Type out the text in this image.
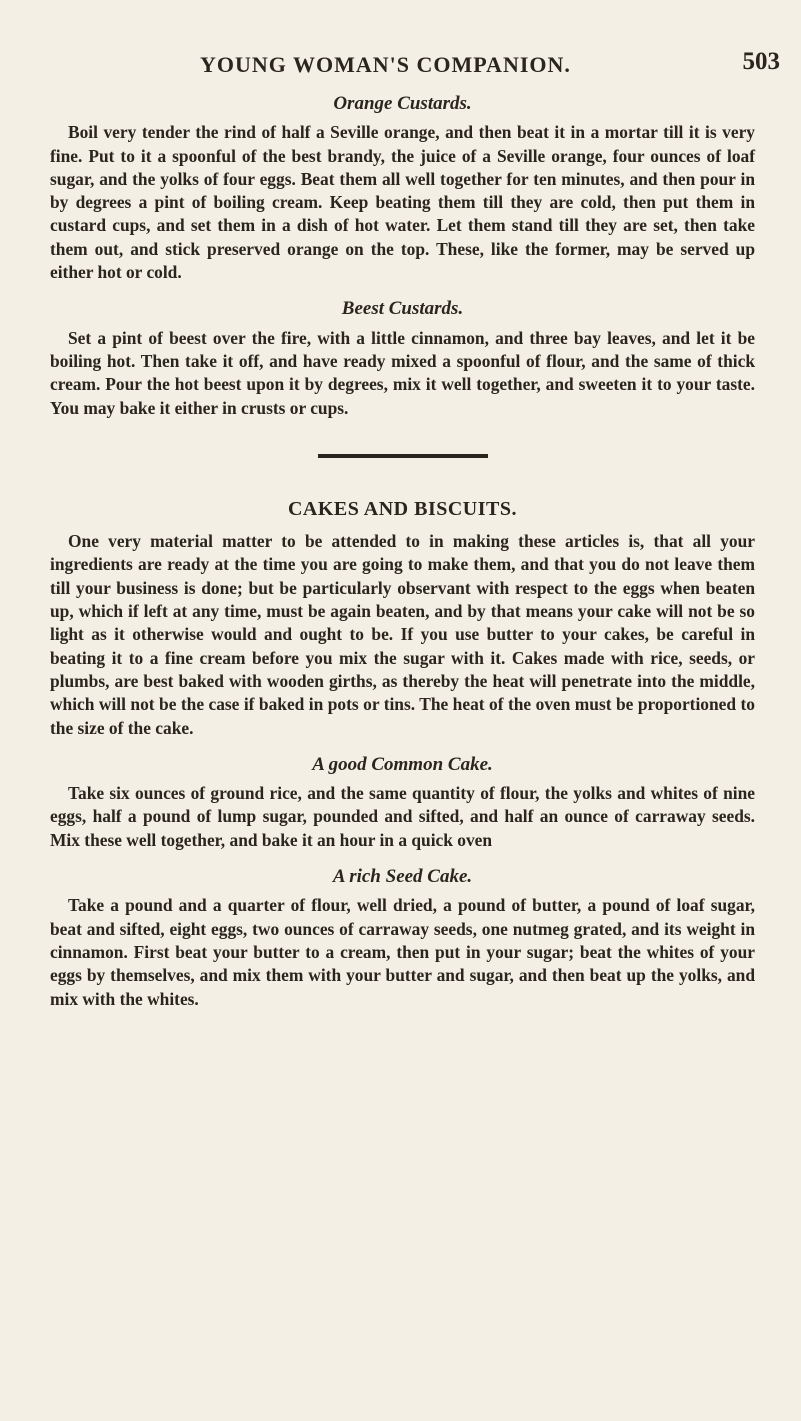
YOUNG WOMAN'S COMPANION.	503
Orange Custards.
Boil very tender the rind of half a Seville orange, and then beat it in a mortar till it is very fine. Put to it a spoonful of the best brandy, the juice of a Seville orange, four ounces of loaf sugar, and the yolks of four eggs. Beat them all well together for ten minutes, and then pour in by degrees a pint of boiling cream. Keep beating them till they are cold, then put them in custard cups, and set them in a dish of hot water. Let them stand till they are set, then take them out, and stick preserved orange on the top. These, like the former, may be served up either hot or cold.
Beest Custards.
Set a pint of beest over the fire, with a little cinnamon, and three bay leaves, and let it be boiling hot. Then take it off, and have ready mixed a spoonful of flour, and the same of thick cream. Pour the hot beest upon it by degrees, mix it well together, and sweeten it to your taste. You may bake it either in crusts or cups.
CAKES AND BISCUITS.
One very material matter to be attended to in making these articles is, that all your ingredients are ready at the time you are going to make them, and that you do not leave them till your business is done; but be particularly observant with respect to the eggs when beaten up, which if left at any time, must be again beaten, and by that means your cake will not be so light as it otherwise would and ought to be. If you use butter to your cakes, be careful in beating it to a fine cream before you mix the sugar with it. Cakes made with rice, seeds, or plumbs, are best baked with wooden girths, as thereby the heat will penetrate into the middle, which will not be the case if baked in pots or tins. The heat of the oven must be proportioned to the size of the cake.
A good Common Cake.
Take six ounces of ground rice, and the same quantity of flour, the yolks and whites of nine eggs, half a pound of lump sugar, pounded and sifted, and half an ounce of carraway seeds. Mix these well together, and bake it an hour in a quick oven
A rich Seed Cake.
Take a pound and a quarter of flour, well dried, a pound of butter, a pound of loaf sugar, beat and sifted, eight eggs, two ounces of carraway seeds, one nutmeg grated, and its weight in cinnamon. First beat your butter to a cream, then put in your sugar; beat the whites of your eggs by themselves, and mix them with your butter and sugar, and then beat up the yolks, and mix with the whites.
